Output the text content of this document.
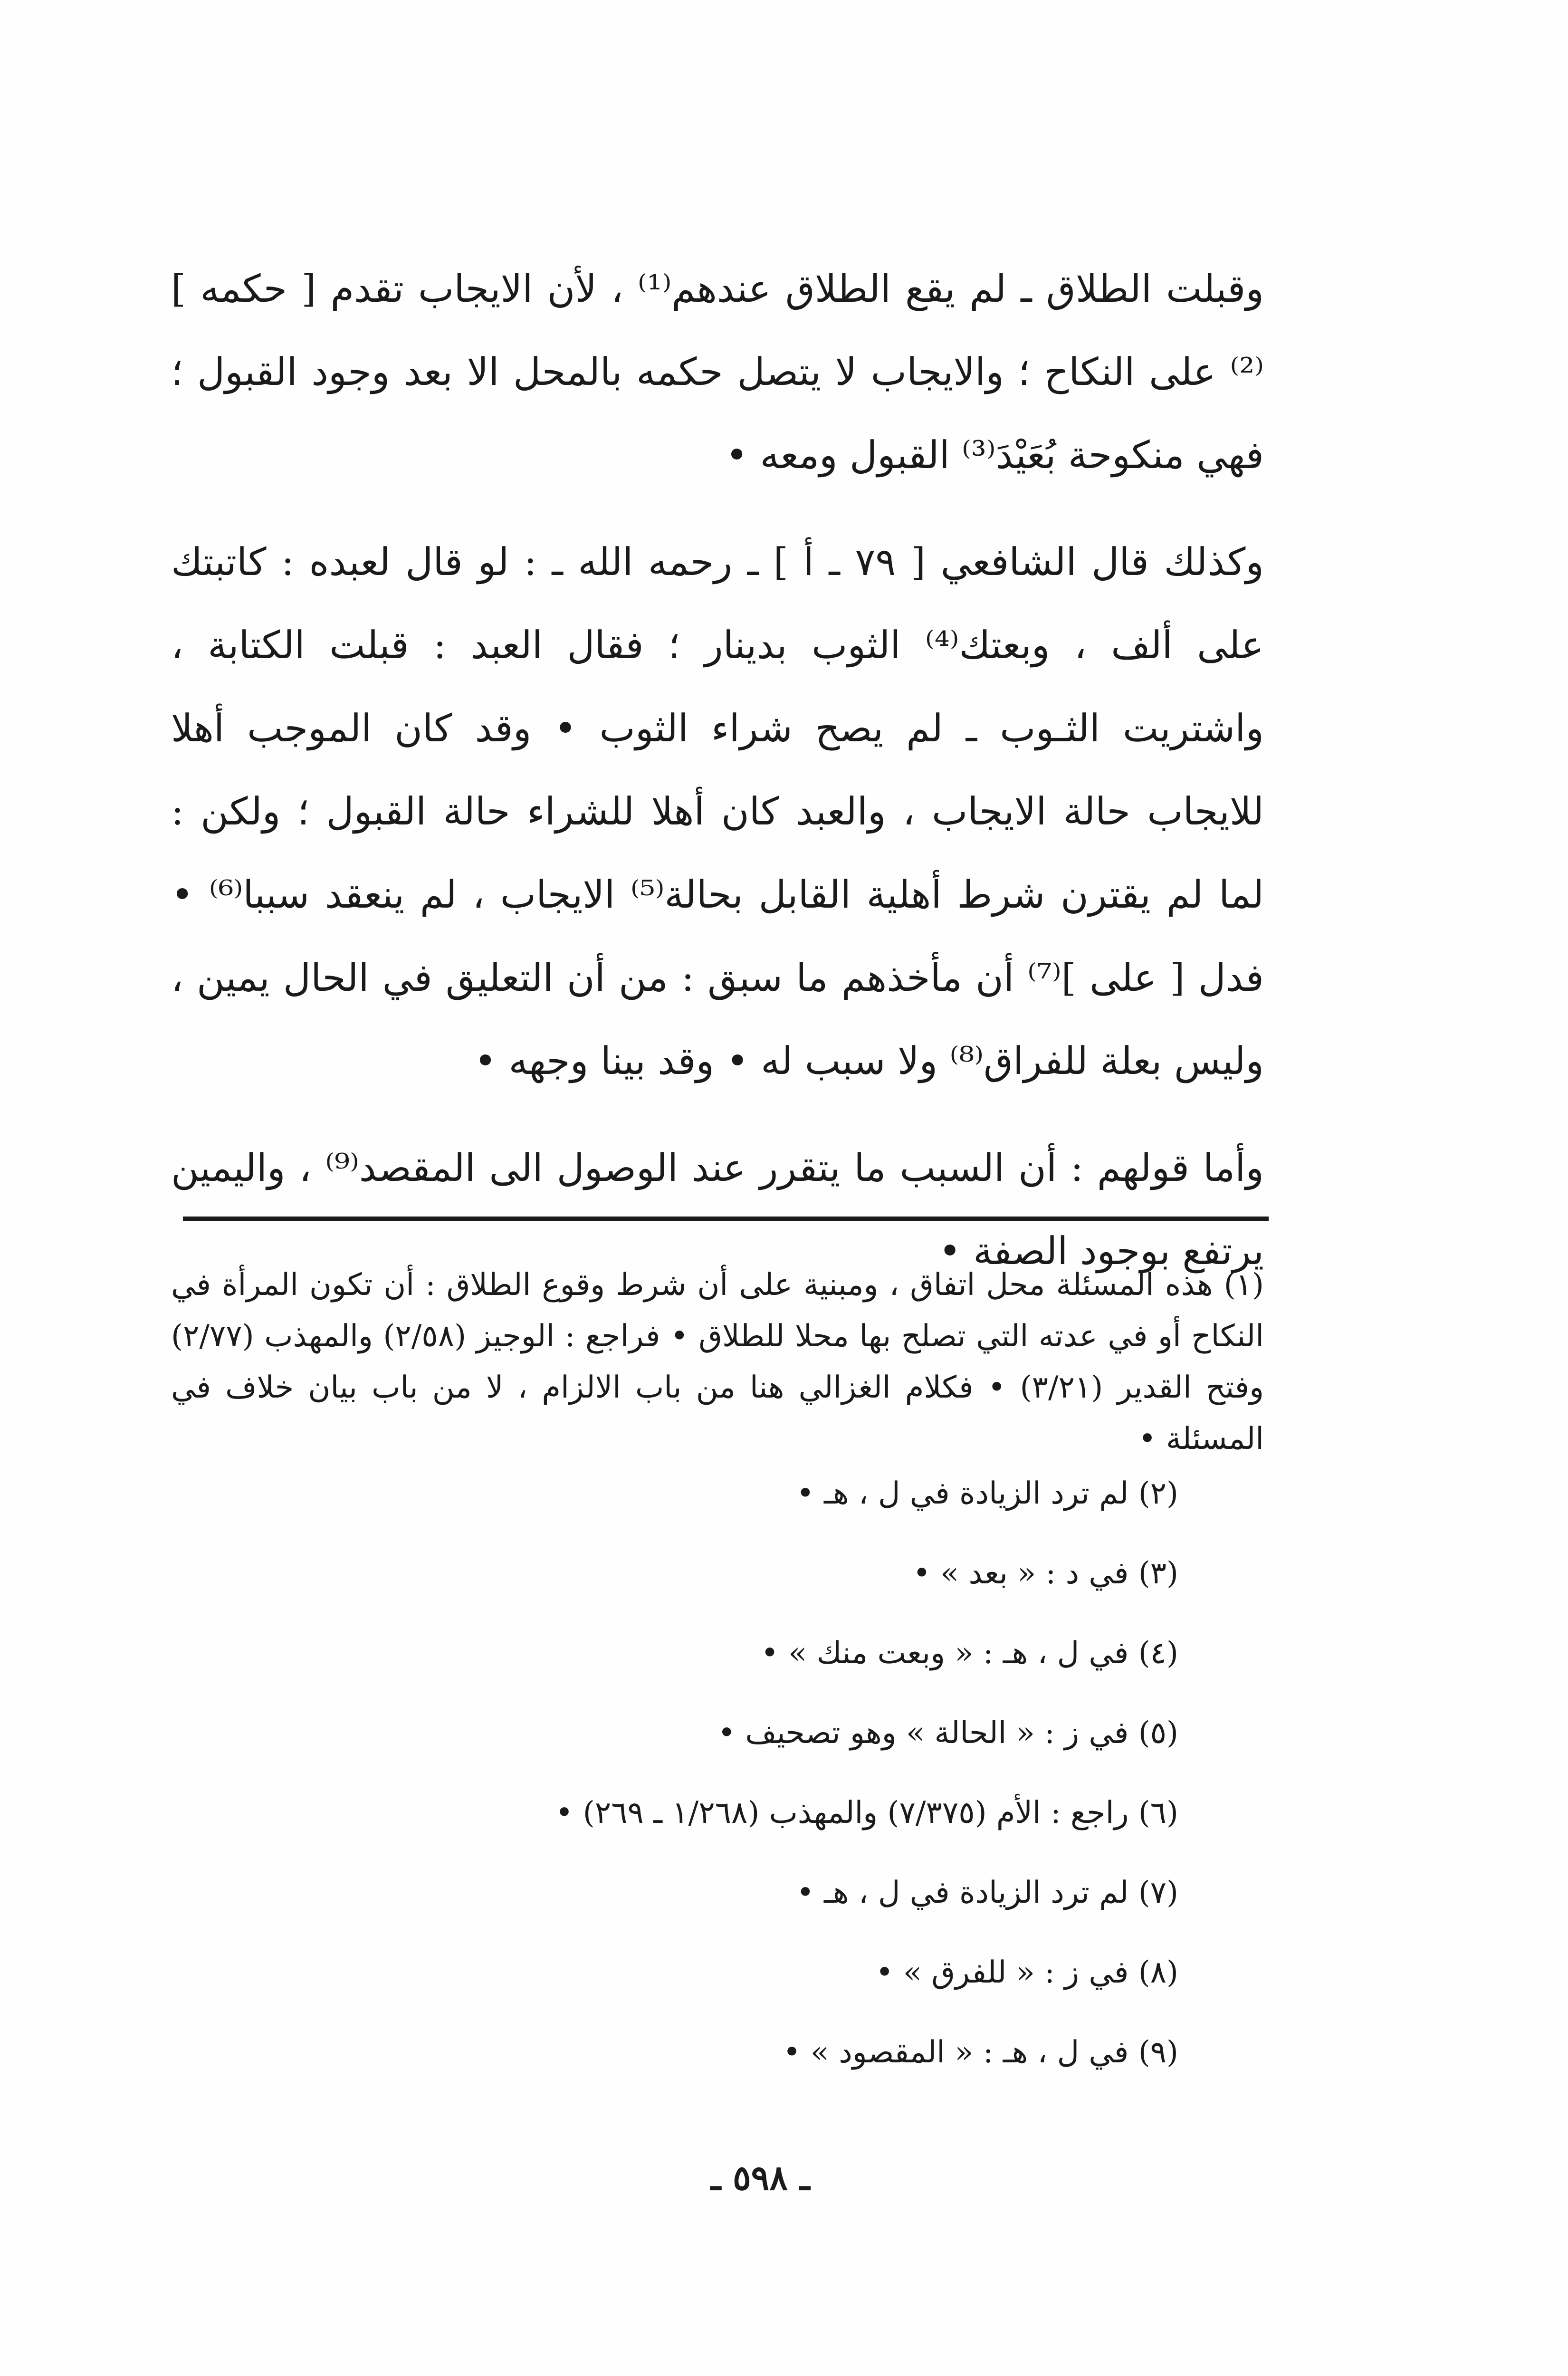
وقبلت الطلاق ـ لم يقع الطلاق عندهم⁽¹⁾ ، لأن الايجاب تقدم [ حكمه ]⁽²⁾ على النكاح ؛ والايجاب لا يتصل حكمه بالمحل الا بعد وجود القبول ؛ فهي منكوحة بُعَيْدَ⁽³⁾ القبول ومعه •

وكذلك قال الشافعي [ ٧٩ ـ أ ] ـ رحمه الله ـ : لو قال لعبده : كاتبتك على ألف ، وبعتك⁽⁴⁾ الثوب بدينار ؛ فقال العبد : قبلت الكتابة ، واشتريت الثـوب ـ لم يصح شراء الثوب • وقد كان الموجب أهلا للايجاب حالة الايجاب ، والعبد كان أهلا للشراء حالة القبول ؛ ولكن : لما لم يقترن شرط أهلية القابل بحالة⁽⁵⁾ الايجاب ، لم ينعقد سببا⁽⁶⁾ • فدل [ على ]⁽⁷⁾ أن مأخذهم ما سبق : من أن التعليق في الحال يمين ، وليس بعلة للفراق⁽⁸⁾ ولا سبب له • وقد بينا وجهه •

وأما قولهم : أن السبب ما يتقرر عند الوصول الى المقصد⁽⁹⁾ ، واليمين يرتفع بوجود الصفة •

(١) هذه المسئلة محل اتفاق ، ومبنية على أن شرط وقوع الطلاق : أن تكون المرأة في النكاح أو في عدته التي تصلح بها محلا للطلاق • فراجع : الوجيز (٢/٥٨) والمهذب (٢/٧٧) وفتح القدير (٣/٢١) • فكلام الغزالي هنا من باب الالزام ، لا من باب بيان خلاف في المسئلة •

(٢) لم ترد الزيادة في ل ، هـ •

(٣) في د : « بعد » •

(٤) في ل ، هـ : « وبعت منك » •

(٥) في ز : « الحالة » وهو تصحيف •

(٦) راجع : الأم (٧/٣٧٥) والمهذب (١/٢٦٨ ـ ٢٦٩) •

(٧) لم ترد الزيادة في ل ، هـ •

(٨) في ز : « للفرق » •

(٩) في ل ، هـ : « المقصود » •

ـ ٥٩٨ ـ
